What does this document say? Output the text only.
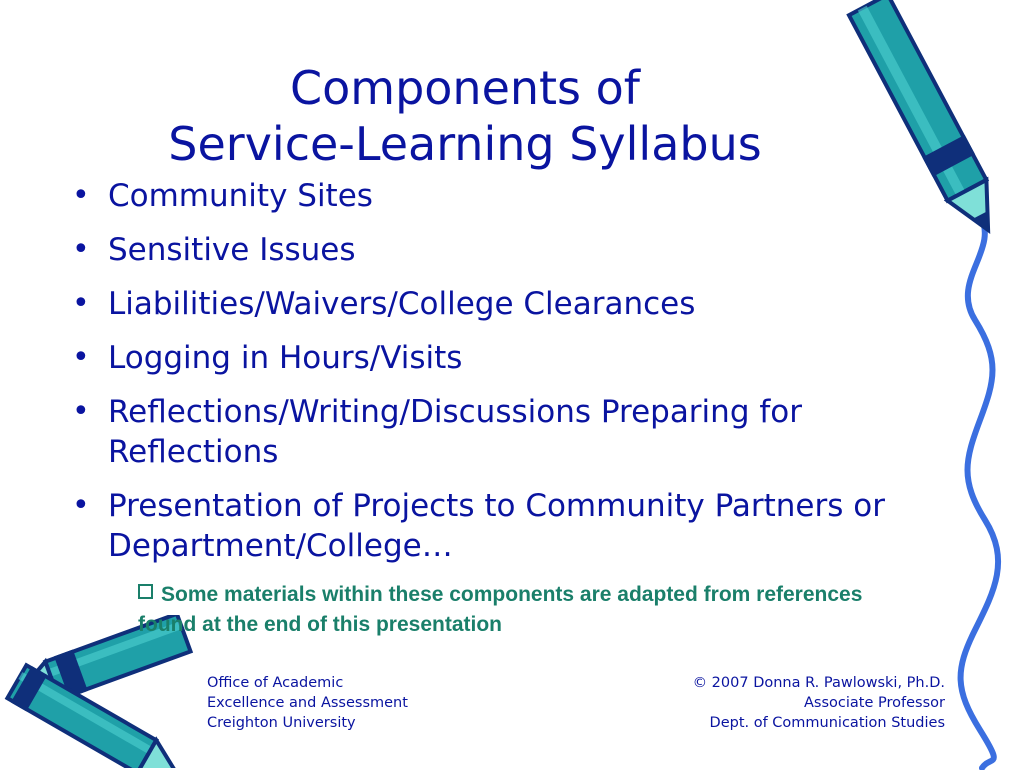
Components of
Service-Learning Syllabus
• Community Sites
• Sensitive Issues
• Liabilities/Waivers/College Clearances
• Logging in Hours/Visits
• Reflections/Writing/Discussions Preparing for Reflections
• Presentation of Projects to Community Partners or Department/College…
Some materials within these components are adapted from references found at the end of this presentation
Office of Academic
Excellence and Assessment
Creighton University
© 2007 Donna R. Pawlowski, Ph.D.
Associate Professor
Dept. of Communication Studies
